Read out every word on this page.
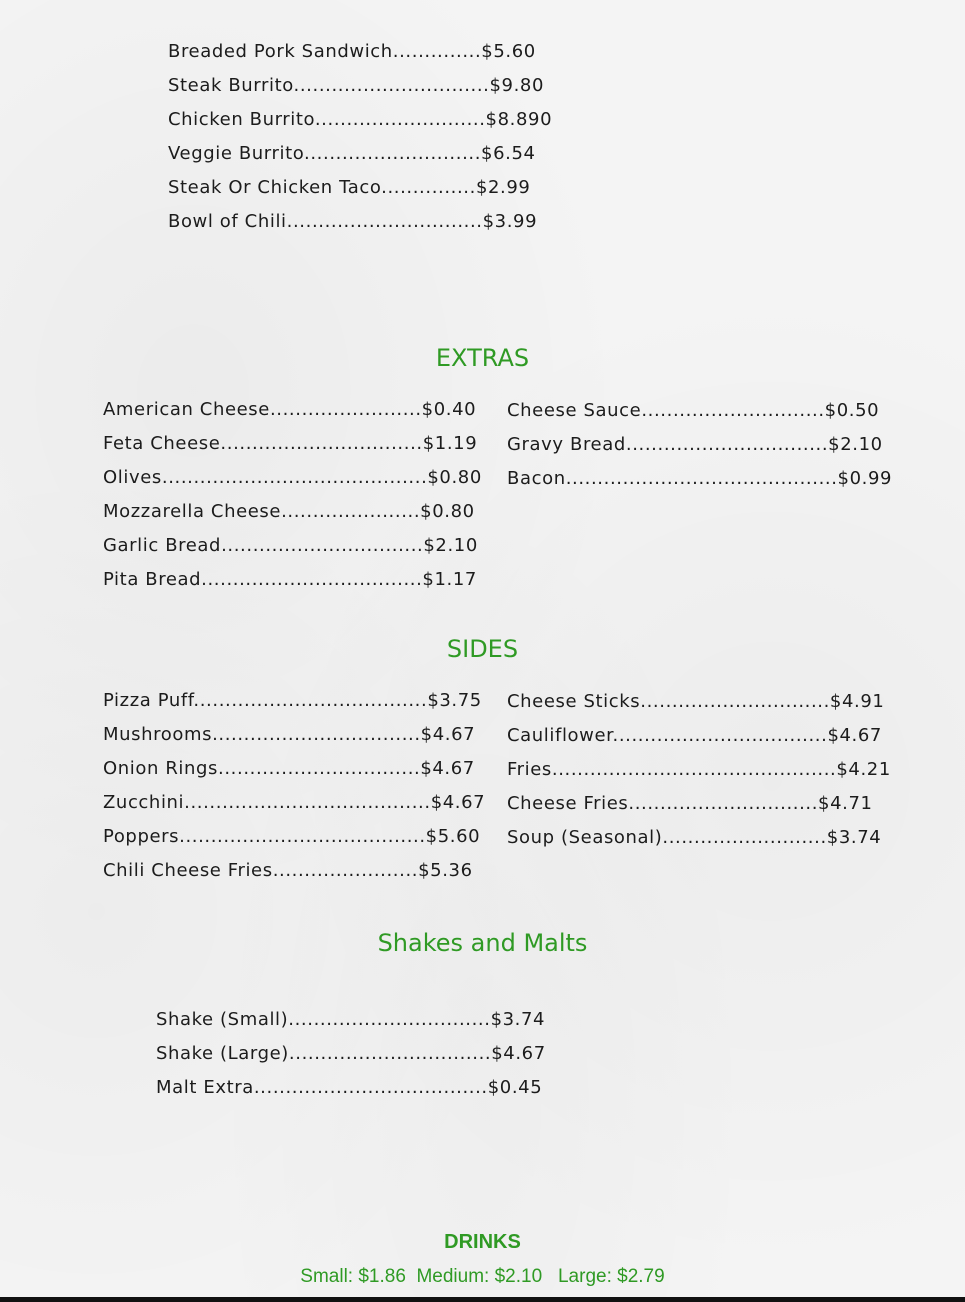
Breaded Pork Sandwich..............$5.60
Steak Burrito...............................$9.80
Chicken Burrito...........................$8.890
Veggie Burrito............................$6.54
Steak Or Chicken Taco...............$2.99
Bowl of Chili...............................$3.99
EXTRAS
American Cheese........................$0.40
Feta Cheese................................$1.19
Olives..........................................$0.80
Mozzarella Cheese......................$0.80
Garlic Bread................................$2.10
Pita Bread...................................$1.17
Cheese Sauce.............................$0.50
Gravy Bread................................$2.10
Bacon...........................................$0.99
SIDES
Pizza Puff.....................................$3.75
Mushrooms.................................$4.67
Onion Rings................................$4.67
Zucchini.......................................$4.67
Poppers.......................................$5.60
Chili Cheese Fries.......................$5.36
Cheese Sticks..............................$4.91
Cauliflower..................................$4.67
Fries.............................................$4.21
Cheese Fries..............................$4.71
Soup (Seasonal)..........................$3.74
Shakes and Malts
Shake (Small)................................$3.74
Shake (Large)................................$4.67
Malt Extra.....................................$0.45
DRINKS
Small: $1.86  Medium: $2.10   Large: $2.79
